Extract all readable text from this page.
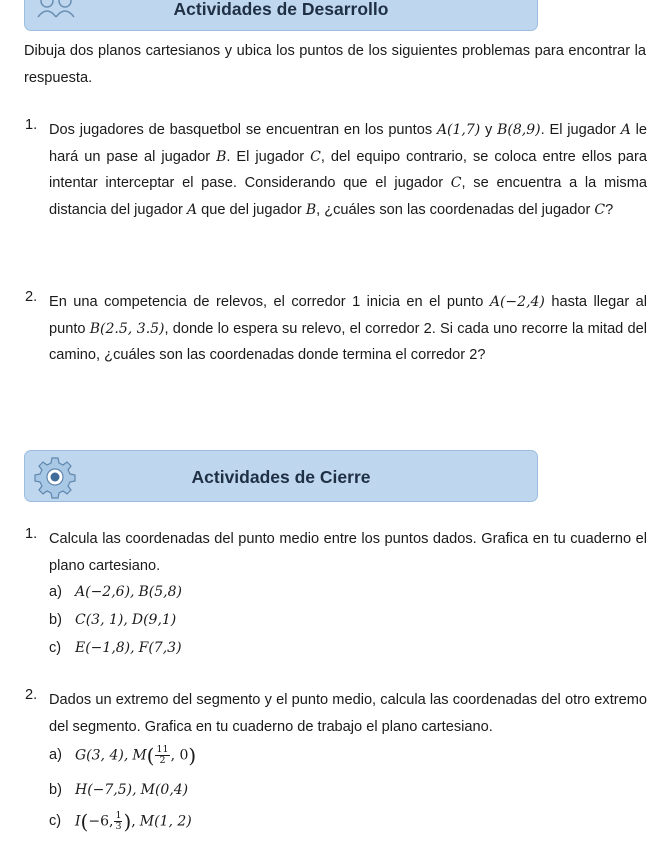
Actividades de Desarrollo
Dibuja dos planos cartesianos y ubica los puntos de los siguientes problemas para encontrar la respuesta.
1. Dos jugadores de basquetbol se encuentran en los puntos A(1,7) y B(8,9). El jugador A le hará un pase al jugador B. El jugador C, del equipo contrario, se coloca entre ellos para intentar interceptar el pase. Considerando que el jugador C, se encuentra a la misma distancia del jugador A que del jugador B, ¿cuáles son las coordenadas del jugador C?
2. En una competencia de relevos, el corredor 1 inicia en el punto A(−2,4) hasta llegar al punto B(2.5, 3.5), donde lo espera su relevo, el corredor 2. Si cada uno recorre la mitad del camino, ¿cuáles son las coordenadas donde termina el corredor 2?
Actividades de Cierre
1. Calcula las coordenadas del punto medio entre los puntos dados. Grafica en tu cuaderno el plano cartesiano.
a) A(−2,6), B(5,8)
b) C(3, 1), D(9,1)
c) E(−1,8), F(7,3)
2. Dados un extremo del segmento y el punto medio, calcula las coordenadas del otro extremo del segmento. Grafica en tu cuaderno de trabajo el plano cartesiano.
a) G(3, 4), $M( \frac{11}{2}$ , 0)
b) H(−7,5), M(0,4)
c) I(−6, $\frac{1}{3}$ ), M(1, 2)
